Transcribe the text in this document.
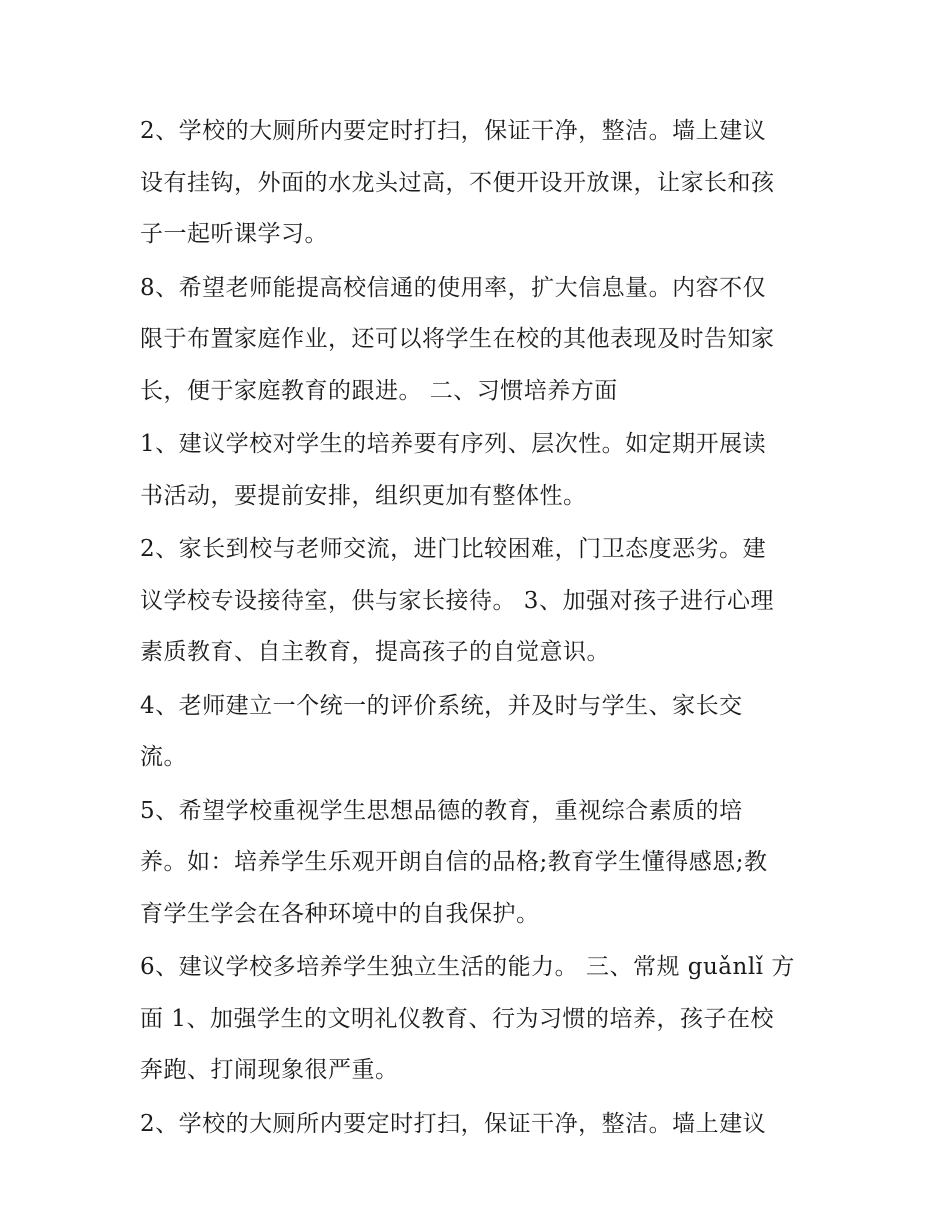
2、学校的大厕所内要定时打扫，保证干净，整洁。墙上建议
设有挂钩，外面的水龙头过高，不便开设开放课，让家长和孩
子一起听课学习。

8、希望老师能提高校信通的使用率，扩大信息量。内容不仅
限于布置家庭作业，还可以将学生在校的其他表现及时告知家
长，便于家庭教育的跟进。 二、习惯培养方面

1、建议学校对学生的培养要有序列、层次性。如定期开展读
书活动，要提前安排，组织更加有整体性。

2、家长到校与老师交流，进门比较困难，门卫态度恶劣。建
议学校专设接待室，供与家长接待。 3、加强对孩子进行心理
素质教育、自主教育，提高孩子的自觉意识。

4、老师建立一个统一的评价系统，并及时与学生、家长交
流。

5、希望学校重视学生思想品德的教育，重视综合素质的培
养。如：培养学生乐观开朗自信的品格;教育学生懂得感恩;教
育学生学会在各种环境中的自我保护。

6、建议学校多培养学生独立生活的能力。 三、常规 guǎnlǐ 方
面 1、加强学生的文明礼仪教育、行为习惯的培养，孩子在校
奔跑、打闹现象很严重。

2、学校的大厕所内要定时打扫，保证干净，整洁。墙上建议
